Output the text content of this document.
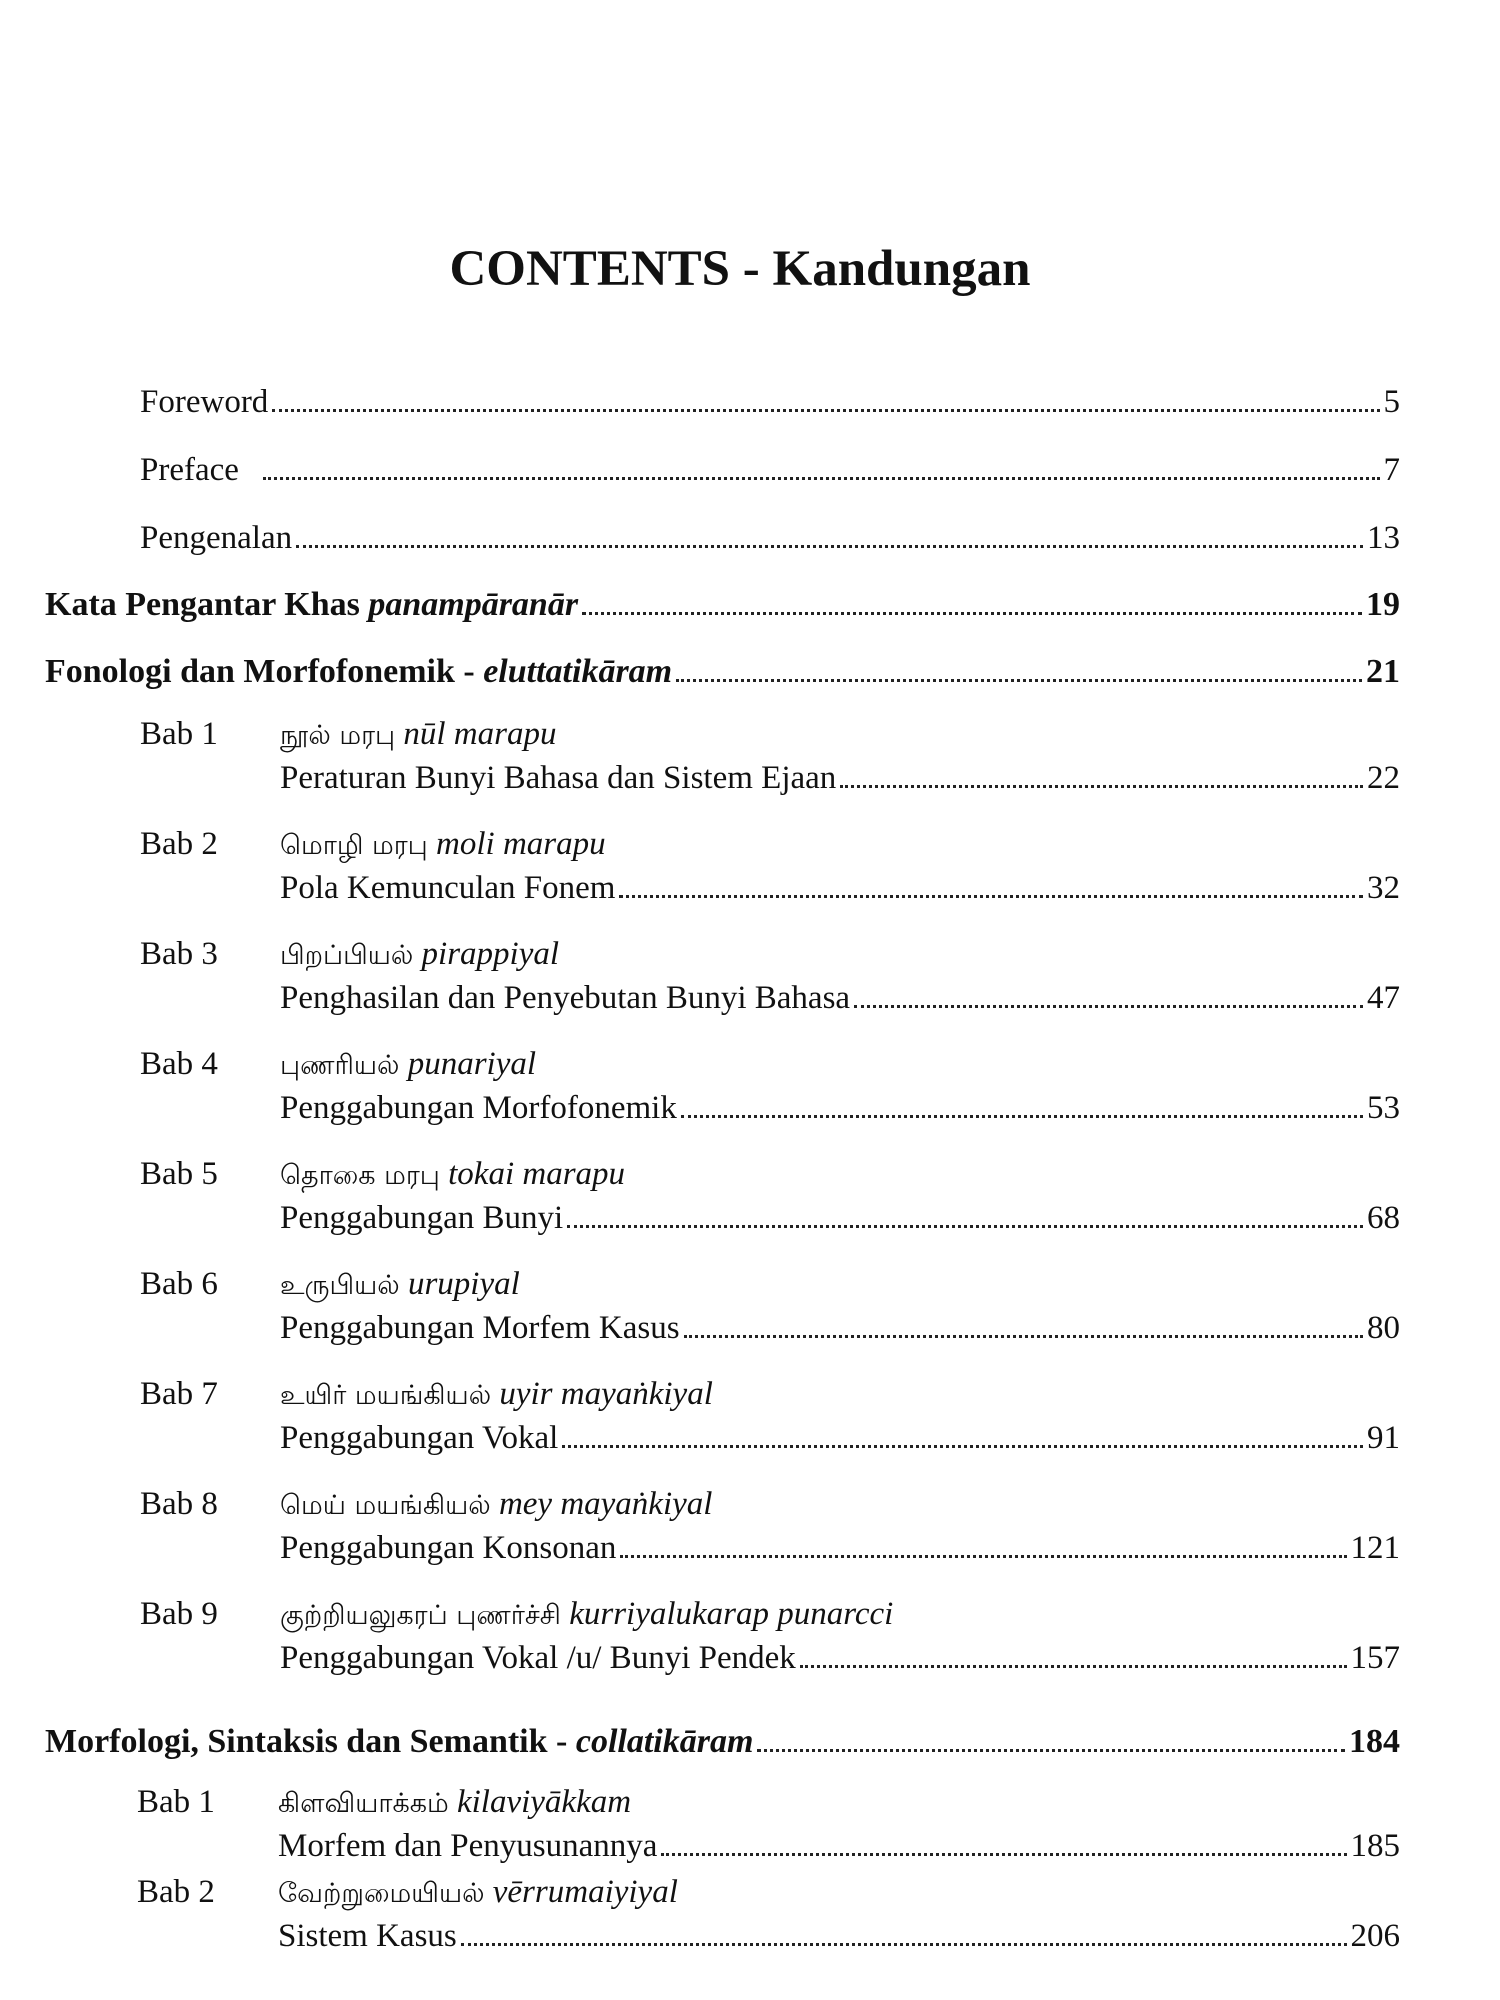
CONTENTS - Kandungan
Foreword	5
Preface	7
Pengenalan	13
Kata Pengantar Khas panampāranār	19
Fonologi dan Morfofonemik - eluttatikāram	21
Bab 1 நூல் மரபு nūl marapu
Peraturan Bunyi Bahasa dan Sistem Ejaan	22
Bab 2 மொழி மரபு moli marapu
Pola Kemunculan Fonem	32
Bab 3 பிறப்பியல் pirappiyal
Penghasilan dan Penyebutan Bunyi Bahasa	47
Bab 4 புணரியல் punariyal
Penggabungan Morfofonemik	53
Bab 5 தொகை மரபு tokai marapu
Penggabungan Bunyi	68
Bab 6 உருபியல் urupiyal
Penggabungan Morfem Kasus	80
Bab 7 உயிர் மயங்கியல் uyir mayaṅkiyal
Penggabungan Vokal	91
Bab 8 மெய் மயங்கியல் mey mayaṅkiyal
Penggabungan Konsonan	121
Bab 9 குற்றியலுகரப் புணர்ச்சி kurriyalukarap punarcci
Penggabungan Vokal /u/ Bunyi Pendek	157
Morfologi, Sintaksis dan Semantik - collatikāram	184
Bab 1 கிளவியாக்கம் kilaviyākkam
Morfem dan Penyusunannya	185
Bab 2 வேற்றுமையியல் vērrumaiyiyal
Sistem Kasus	206
